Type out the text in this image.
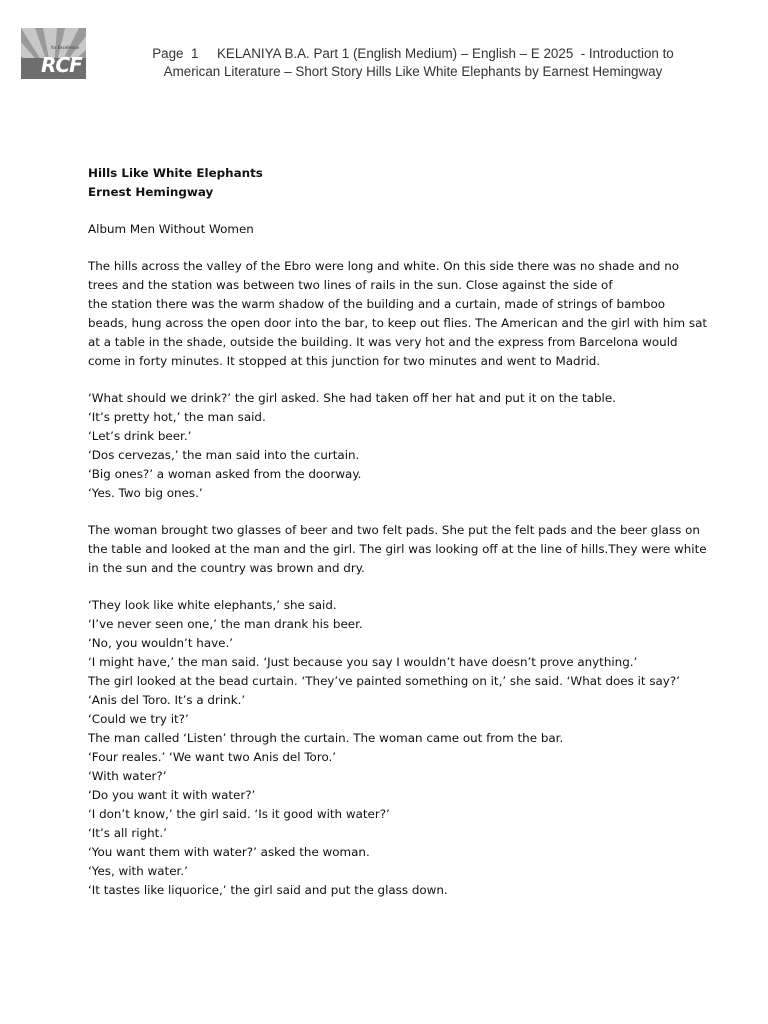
for Excellence
RCF	Page  1     KELANIYA B.A. Part 1 (English Medium) – English – E 2025  - Introduction to
American Literature – Short Story Hills Like White Elephants by Earnest Hemingway

Hills Like White Elephants

Ernest Hemingway

Album Men Without Women

The hills across the valley of the Ebro were long and white. On this side there was no shade and no

trees and the station was between two lines of rails in the sun. Close against the side of

the station there was the warm shadow of the building and a curtain, made of strings of bamboo

beads, hung across the open door into the bar, to keep out flies. The American and the girl with him sat

at a table in the shade, outside the building. It was very hot and the express from Barcelona would

come in forty minutes. It stopped at this junction for two minutes and went to Madrid.

‘What should we drink?’ the girl asked. She had taken off her hat and put it on the table.

‘It’s pretty hot,’ the man said.

‘Let’s drink beer.’

‘Dos cervezas,’ the man said into the curtain.

‘Big ones?’ a woman asked from the doorway.

‘Yes. Two big ones.’

The woman brought two glasses of beer and two felt pads. She put the felt pads and the beer glass on

the table and looked at the man and the girl. The girl was looking off at the line of hills.They were white

in the sun and the country was brown and dry.

‘They look like white elephants,’ she said.

‘I’ve never seen one,’ the man drank his beer.

‘No, you wouldn’t have.’

‘I might have,’ the man said. ‘Just because you say I wouldn’t have doesn’t prove anything.’

The girl looked at the bead curtain. ‘They’ve painted something on it,’ she said. ‘What does it say?’

‘Anis del Toro. It’s a drink.’

‘Could we try it?’

The man called ‘Listen’ through the curtain. The woman came out from the bar.

‘Four reales.’ ‘We want two Anis del Toro.’

‘With water?’

‘Do you want it with water?’

‘I don’t know,’ the girl said. ‘Is it good with water?’

‘It’s all right.’

‘You want them with water?’ asked the woman.

‘Yes, with water.’

‘It tastes like liquorice,’ the girl said and put the glass down.
